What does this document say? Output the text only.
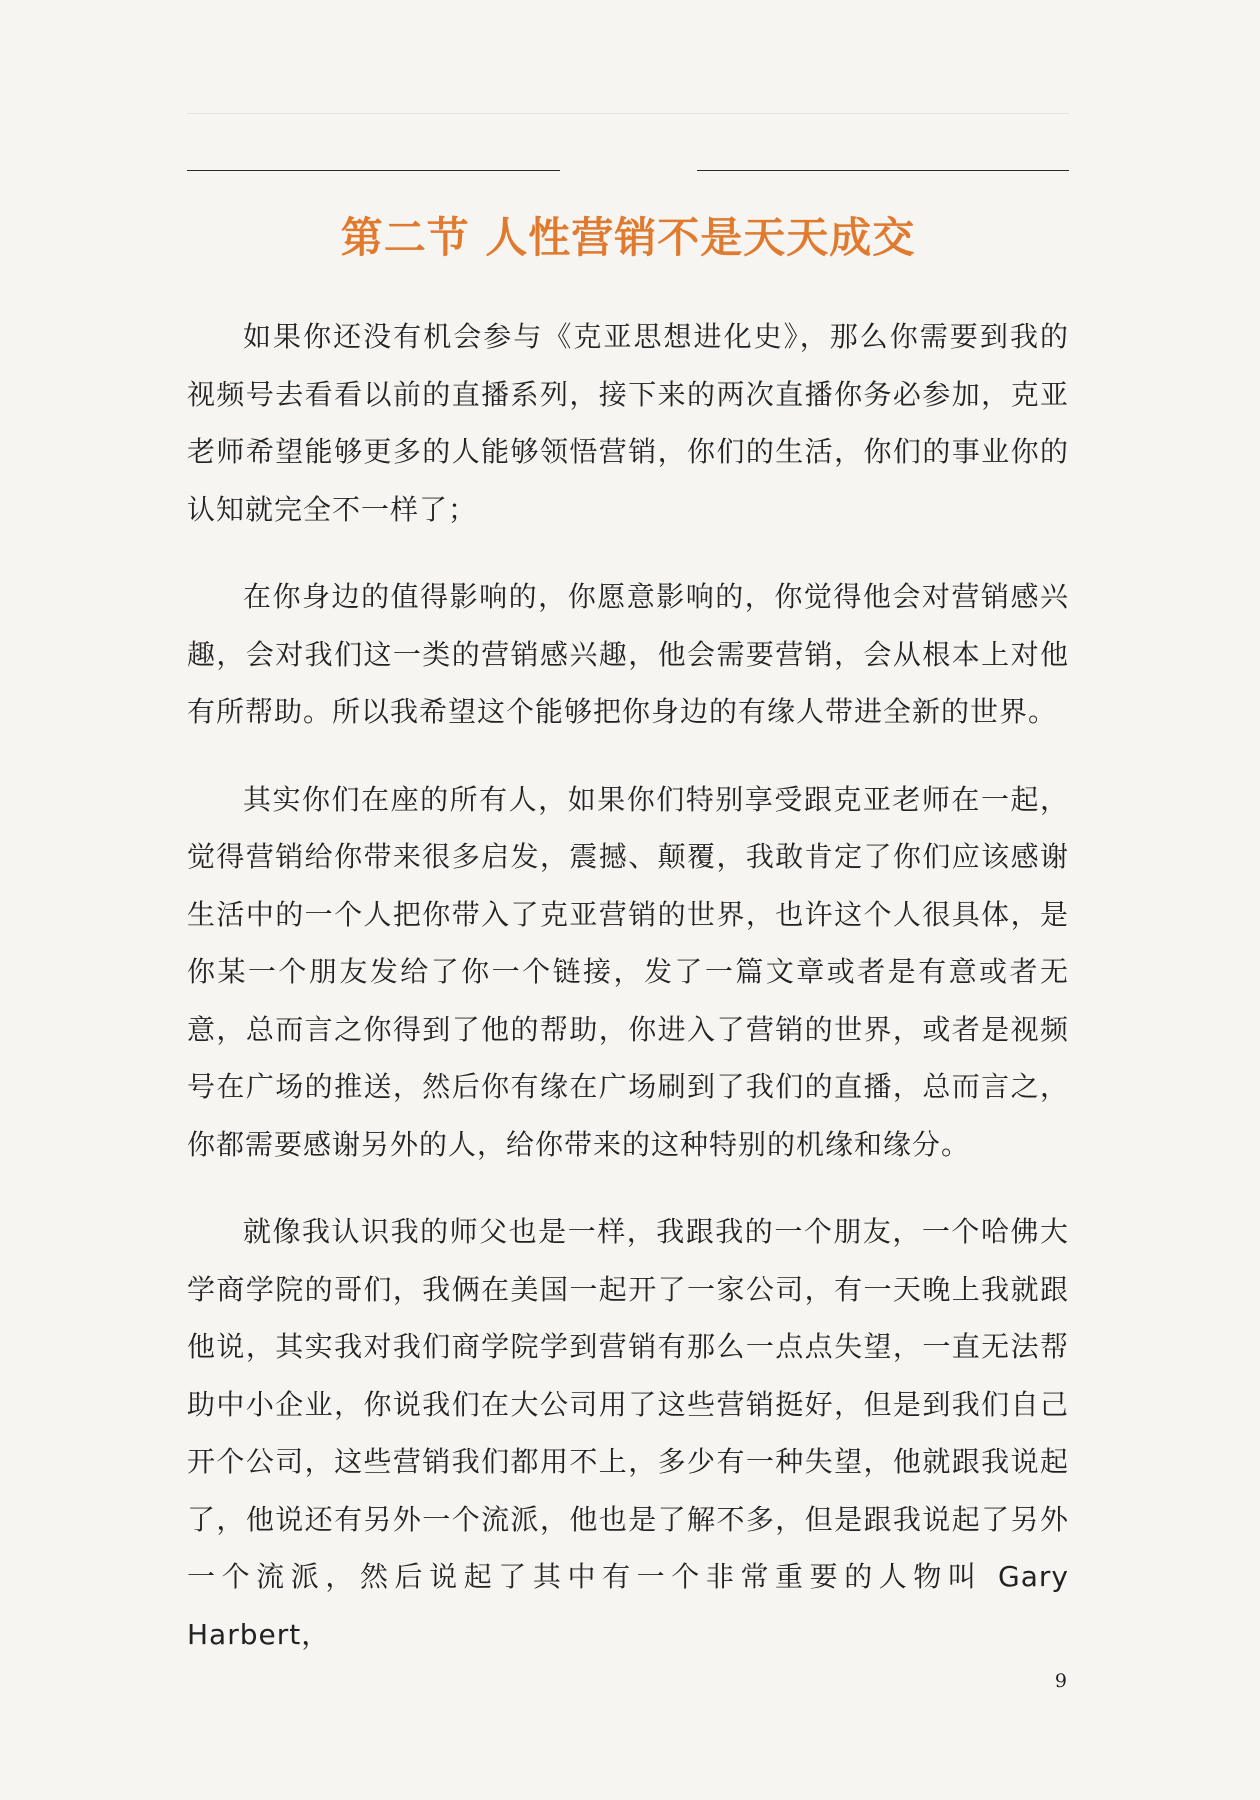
第二节 人性营销不是天天成交

如果你还没有机会参与《克亚思想进化史》，那么你需要到我的视频号去看看以前的直播系列，接下来的两次直播你务必参加，克亚老师希望能够更多的人能够领悟营销，你们的生活，你们的事业你的认知就完全不一样了；

在你身边的值得影响的，你愿意影响的，你觉得他会对营销感兴趣，会对我们这一类的营销感兴趣，他会需要营销，会从根本上对他有所帮助。所以我希望这个能够把你身边的有缘人带进全新的世界。

其实你们在座的所有人，如果你们特别享受跟克亚老师在一起，觉得营销给你带来很多启发，震撼、颠覆，我敢肯定了你们应该感谢生活中的一个人把你带入了克亚营销的世界，也许这个人很具体，是你某一个朋友发给了你一个链接，发了一篇文章或者是有意或者无意，总而言之你得到了他的帮助，你进入了营销的世界，或者是视频号在广场的推送，然后你有缘在广场刷到了我们的直播，总而言之，你都需要感谢另外的人，给你带来的这种特别的机缘和缘分。

就像我认识我的师父也是一样，我跟我的一个朋友，一个哈佛大学商学院的哥们，我俩在美国一起开了一家公司，有一天晚上我就跟他说，其实我对我们商学院学到营销有那么一点点失望，一直无法帮助中小企业，你说我们在大公司用了这些营销挺好，但是到我们自己开个公司，这些营销我们都用不上，多少有一种失望，他就跟我说起了，他说还有另外一个流派，他也是了解不多，但是跟我说起了另外一个流派，然后说起了其中有一个非常重要的人物叫 Gary Harbert，

9
